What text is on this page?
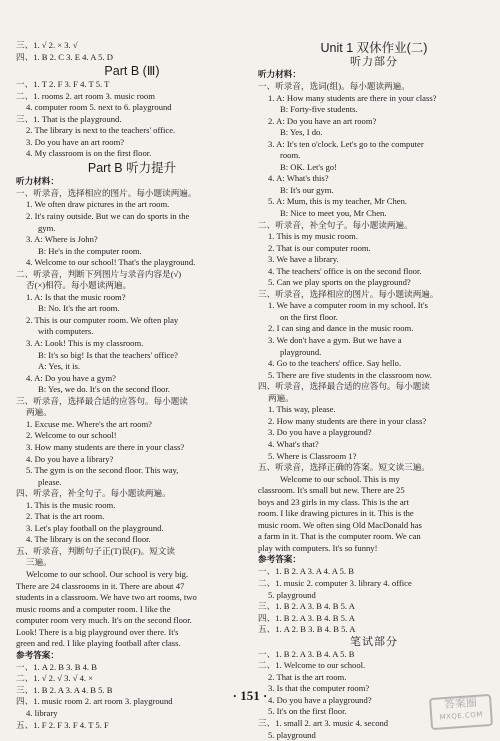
三、1. √ 2. × 3. √
四、1. B 2. C 3. E 4. A 5. D
Part B (Ⅲ)
一、1. T 2. F 3. F 4. T 5. T
二、1. rooms 2. art room 3. music room
4. computer room 5. next to 6. playground
三、1. That is the playground.
2. The library is next to the teachers' office.
3. Do you have an art room?
4. My classroom is on the first floor.
Part B 听力提升
听力材料：
一、听录音，选择相应的图片。每小题读两遍。
1. We often draw pictures in the art room.
2. It's rainy outside. But we can do sports in the
gym.
3. A: Where is John?
B: He's in the computer room.
4. Welcome to our school! That's the playground.
二、听录音，判断下列图片与录音内容是(√)
否(×)相符。每小题读两遍。
1. A: Is that the music room?
B: No. It's the art room.
2. This is our computer room. We often play
with computers.
3. A: Look! This is my classroom.
B: It's so big! Is that the teachers' office?
A: Yes, it is.
4. A: Do you have a gym?
B: Yes, we do. It's on the second floor.
三、听录音，选择最合适的应答句。每小题读
两遍。
1. Excuse me. Where's the art room?
2. Welcome to our school!
3. How many students are there in your class?
4. Do you have a library?
5. The gym is on the second floor. This way,
please.
四、听录音，补全句子。每小题读两遍。
1. This is the music room.
2. That is the art room.
3. Let's play football on the playground.
4. The library is on the second floor.
五、听录音，判断句子正(T)误(F)。短文读
三遍。
Welcome to our school. Our school is very big.
There are 24 classrooms in it. There are about 47
students in a classroom. We have two art rooms, two
music rooms and a computer room. I like the
computer room very much. It's on the second floor.
Look! There is a big playground over there. It's
green and red. I like playing football after class.
参考答案：
一、1. A 2. B 3. B 4. B
二、1. √ 2. √ 3. √ 4. ×
三、1. B 2. A 3. A 4. B 5. B
四、1. music room 2. art room 3. playground
4. library
五、1. F 2. F 3. F 4. T 5. F
Unit 1 双休作业(二)
听力部分
听力材料：
一、听录音，选词(组)。每小题读两遍。
1. A: How many students are there in your class?
B: Forty-five students.
2. A: Do you have an art room?
B: Yes, I do.
3. A: It's ten o'clock. Let's go to the computer
room.
B: OK. Let's go!
4. A: What's this?
B: It's our gym.
5. A: Mum, this is my teacher, Mr Chen.
B: Nice to meet you, Mr Chen.
二、听录音，补全句子。每小题读两遍。
1. This is my music room.
2. That is our computer room.
3. We have a library.
4. The teachers' office is on the second floor.
5. Can we play sports on the playground?
三、听录音，选择相应的图片。每小题读两遍。
1. We have a computer room in my school. It's
on the first floor.
2. I can sing and dance in the music room.
3. We don't have a gym. But we have a
playground.
4. Go to the teachers' office. Say hello.
5. There are five students in the classroom now.
四、听录音，选择最合适的应答句。每小题读
两遍。
1. This way, please.
2. How many students are there in your class?
3. Do you have a playground?
4. What's that?
5. Where is Classroom 1?
五、听录音，选择正确的答案。短文读三遍。
Welcome to our school. This is my
classroom. It's small but new. There are 25
boys and 23 girls in my class. This is the art
room. I like drawing pictures in it. This is the
music room. We often sing Old MacDonald has
a farm in it. That is the computer room. We can
play with computers. It's so funny!
参考答案：
一、1. B 2. A 3. A 4. A 5. B
二、1. music 2. computer 3. library 4. office
5. playground
三、1. B 2. A 3. B 4. B 5. A
四、1. B 2. A 3. B 4. B 5. A
五、1. A 2. B 3. B 4. B 5. A
笔试部分
一、1. B 2. A 3. B 4. A 5. B
二、1. Welcome to our school.
2. That is the art room.
3. Is that the computer room?
4. Do you have a playground?
5. It's on the first floor.
三、1. small 2. art 3. music 4. second
5. playground
· 151 ·
答案圈
MXQE.COM
